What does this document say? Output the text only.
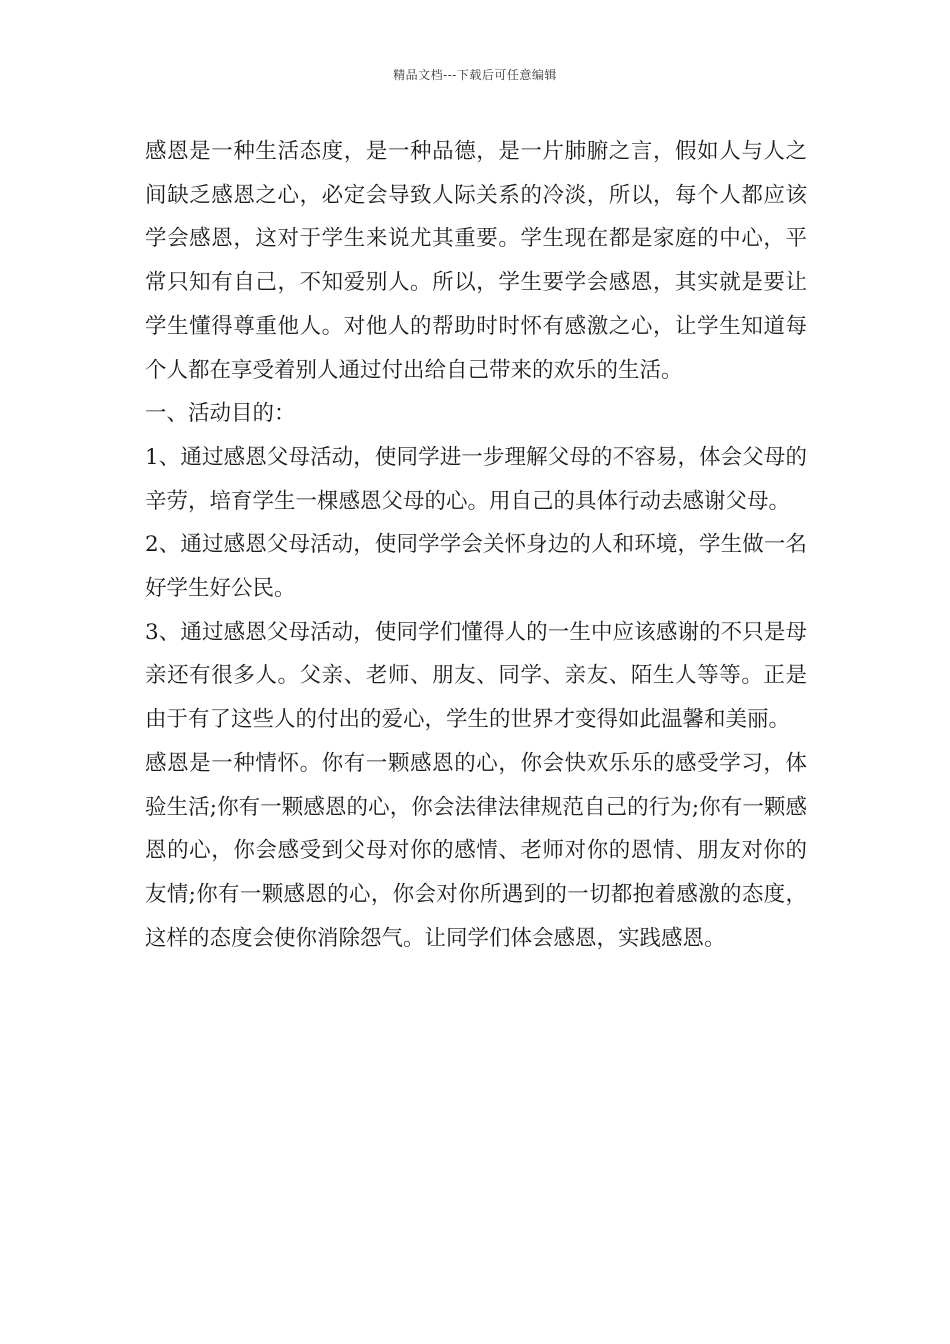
精品文档---下载后可任意编辑

感恩是一种生活态度，是一种品德，是一片肺腑之言，假如人与人之间缺乏感恩之心，必定会导致人际关系的冷淡，所以，每个人都应该学会感恩，这对于学生来说尤其重要。学生现在都是家庭的中心，平常只知有自己，不知爱别人。所以，学生要学会感恩，其实就是要让学生懂得尊重他人。对他人的帮助时时怀有感激之心，让学生知道每个人都在享受着别人通过付出给自己带来的欢乐的生活。

一、活动目的：

1、通过感恩父母活动，使同学进一步理解父母的不容易，体会父母的辛劳，培育学生一棵感恩父母的心。用自己的具体行动去感谢父母。

2、通过感恩父母活动，使同学学会关怀身边的人和环境，学生做一名好学生好公民。

3、通过感恩父母活动，使同学们懂得人的一生中应该感谢的不只是母亲还有很多人。父亲、老师、朋友、同学、亲友、陌生人等等。正是由于有了这些人的付出的爱心，学生的世界才变得如此温馨和美丽。

感恩是一种情怀。你有一颗感恩的心，你会快欢乐乐的感受学习，体验生活;你有一颗感恩的心，你会法律法律规范自己的行为;你有一颗感恩的心，你会感受到父母对你的感情、老师对你的恩情、朋友对你的友情;你有一颗感恩的心，你会对你所遇到的一切都抱着感激的态度，这样的态度会使你消除怨气。让同学们体会感恩，实践感恩。
